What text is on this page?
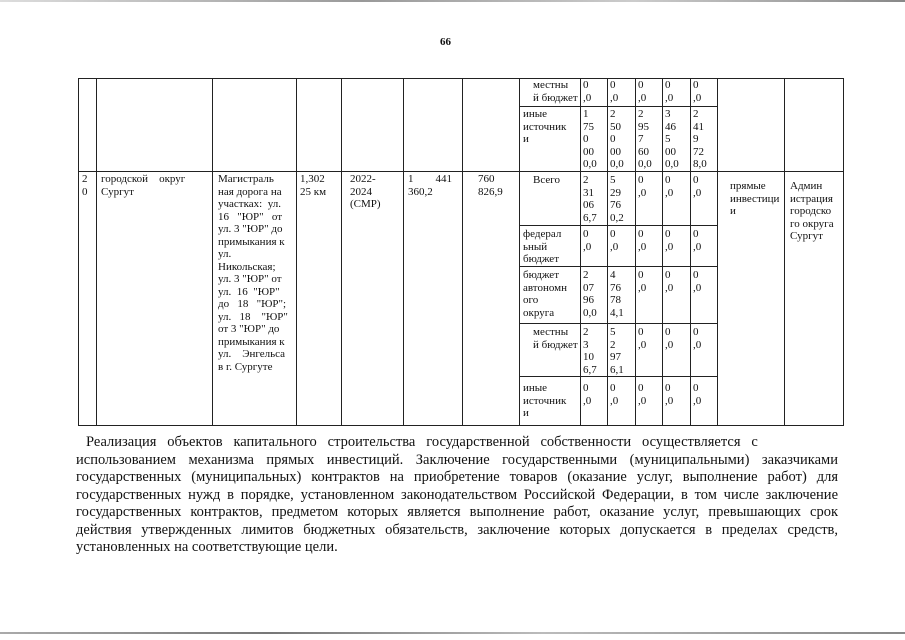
66
местны
й бюджет
0
,0
0
,0
0
,0
0
,0
0
,0
иные
источник
и
1
75
0
00
0,0
2
50
0
00
0,0
2
95
7
60
0,0
3
46
5
00
0,0
2
41
9
72
8,0
2
0
городской    округ
Сургут
Магистраль
ная дорога на
участках:  ул.
16   "ЮР"   от
ул. 3 "ЮР" до
примыкания к
ул.
Никольская;
ул. 3 "ЮР" от
ул.  16  "ЮР"
до   18   "ЮР";
ул.   18    "ЮР"
от 3 "ЮР" до
примыкания к
ул.    Энгельса
в г. Сургуте
1,302
25 км
2022-
2024
(СМР)
1        441
360,2
760
826,9	прямые
инвестици
и
Админ
истрация
городско
го округа
Сургут
Всего 2
31
06
6,7
5
29
76
0,2
0
,0
0
,0
0
,0
федерал
ьный
бюджет
0
,0
0
,0
0
,0
0
,0
0
,0
бюджет
автономн
ого
округа
2
07
96
0,0
4
76
78
4,1
0
,0
0
,0
0
,0
местны
й бюджет
2
3
10
6,7
5
2
97
6,1
0
,0
0
,0
0
,0
иные
источник
и
0
,0
0
,0
0
,0
0
,0
0
,0
Реализация   объектов   капитального   строительства   государственной   собственности   осуществляется   с
использованием механизма прямых инвестиций. Заключение государственными (муниципальными) заказчиками государственных (муниципальных) контрактов на приобретение товаров (оказание услуг, выполнение работ) для государственных нужд в порядке, установленном законодательством Российской Федерации, в том числе заключение государственных контрактов, предметом которых является выполнение работ, оказание услуг, превышающих срок действия утвержденных лимитов бюджетных обязательств, заключение которых допускается в пределах средств, установленных на соответствующие цели.
